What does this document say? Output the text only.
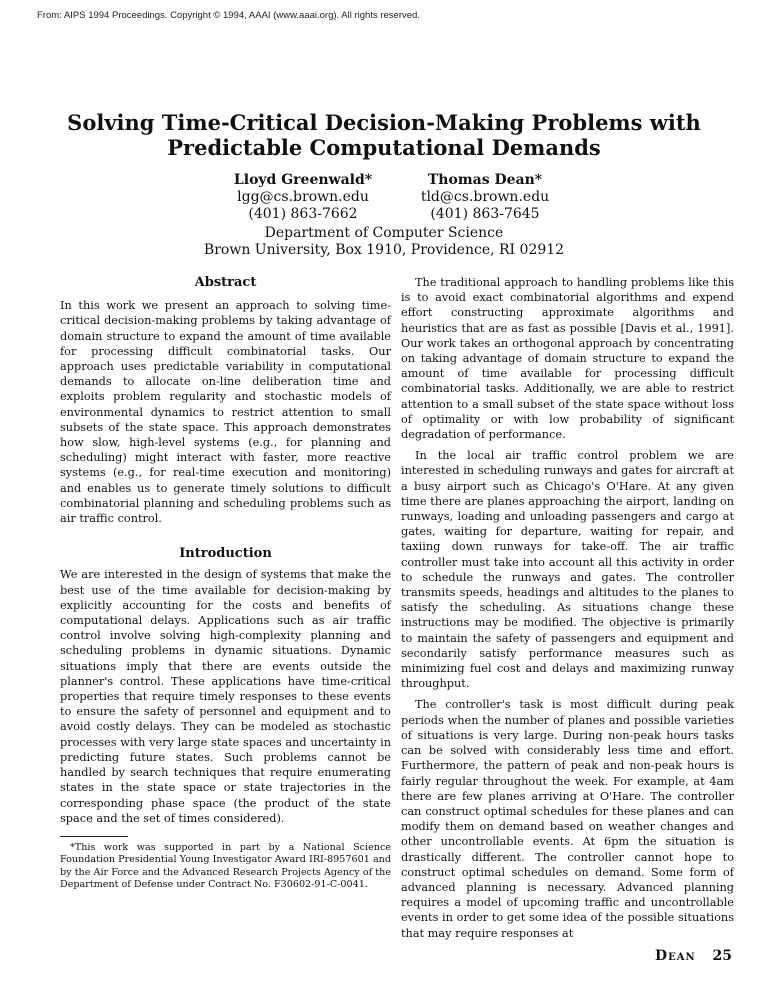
From: AIPS 1994 Proceedings. Copyright © 1994, AAAI (www.aaai.org). All rights reserved.
Solving Time-Critical Decision-Making Problems with
Predictable Computational Demands
Lloyd Greenwald*
lgg@cs.brown.edu
(401) 863-7662
Thomas Dean*
tld@cs.brown.edu
(401) 863-7645
Department of Computer Science
Brown University, Box 1910, Providence, RI 02912
Abstract

In this work we present an approach to solving time-critical decision-making problems by taking advantage of domain structure to expand the amount of time available for processing difficult combinatorial tasks. Our approach uses predictable variability in computational demands to allocate on-line deliberation time and exploits problem regularity and stochastic models of environmental dynamics to restrict attention to small subsets of the state space. This approach demonstrates how slow, high-level systems (e.g., for planning and scheduling) might interact with faster, more reactive systems (e.g., for real-time execution and monitoring) and enables us to generate timely solutions to difficult combinatorial planning and scheduling problems such as air traffic control.

Introduction

We are interested in the design of systems that make the best use of the time available for decision-making by explicitly accounting for the costs and benefits of computational delays. Applications such as air traffic control involve solving high-complexity planning and scheduling problems in dynamic situations. Dynamic situations imply that there are events outside the planner's control. These applications have time-critical properties that require timely responses to these events to ensure the safety of personnel and equipment and to avoid costly delays. They can be modeled as stochastic processes with very large state spaces and uncertainty in predicting future states. Such problems cannot be handled by search techniques that require enumerating states in the state space or state trajectories in the corresponding phase space (the product of the state space and the set of times considered).

*This work was supported in part by a National Science Foundation Presidential Young Investigator Award IRI-8957601 and by the Air Force and the Advanced Research Projects Agency of the Department of Defense under Contract No. F30602-91-C-0041.

The traditional approach to handling problems like this is to avoid exact combinatorial algorithms and expend effort constructing approximate algorithms and heuristics that are as fast as possible [Davis et al., 1991]. Our work takes an orthogonal approach by concentrating on taking advantage of domain structure to expand the amount of time available for processing difficult combinatorial tasks. Additionally, we are able to restrict attention to a small subset of the state space without loss of optimality or with low probability of significant degradation of performance.

In the local air traffic control problem we are interested in scheduling runways and gates for aircraft at a busy airport such as Chicago's O'Hare. At any given time there are planes approaching the airport, landing on runways, loading and unloading passengers and cargo at gates, waiting for departure, waiting for repair, and taxiing down runways for take-off. The air traffic controller must take into account all this activity in order to schedule the runways and gates. The controller transmits speeds, headings and altitudes to the planes to satisfy the scheduling. As situations change these instructions may be modified. The objective is primarily to maintain the safety of passengers and equipment and secondarily satisfy performance measures such as minimizing fuel cost and delays and maximizing runway throughput.

The controller's task is most difficult during peak periods when the number of planes and possible varieties of situations is very large. During non-peak hours tasks can be solved with considerably less time and effort. Furthermore, the pattern of peak and non-peak hours is fairly regular throughout the week. For example, at 4am there are few planes arriving at O'Hare. The controller can construct optimal schedules for these planes and can modify them on demand based on weather changes and other uncontrollable events. At 6pm the situation is drastically different. The controller cannot hope to construct optimal schedules on demand. Some form of advanced planning is necessary. Advanced planning requires a model of upcoming traffic and uncontrollable events in order to get some idea of the possible situations that may require responses at

Dean 25
